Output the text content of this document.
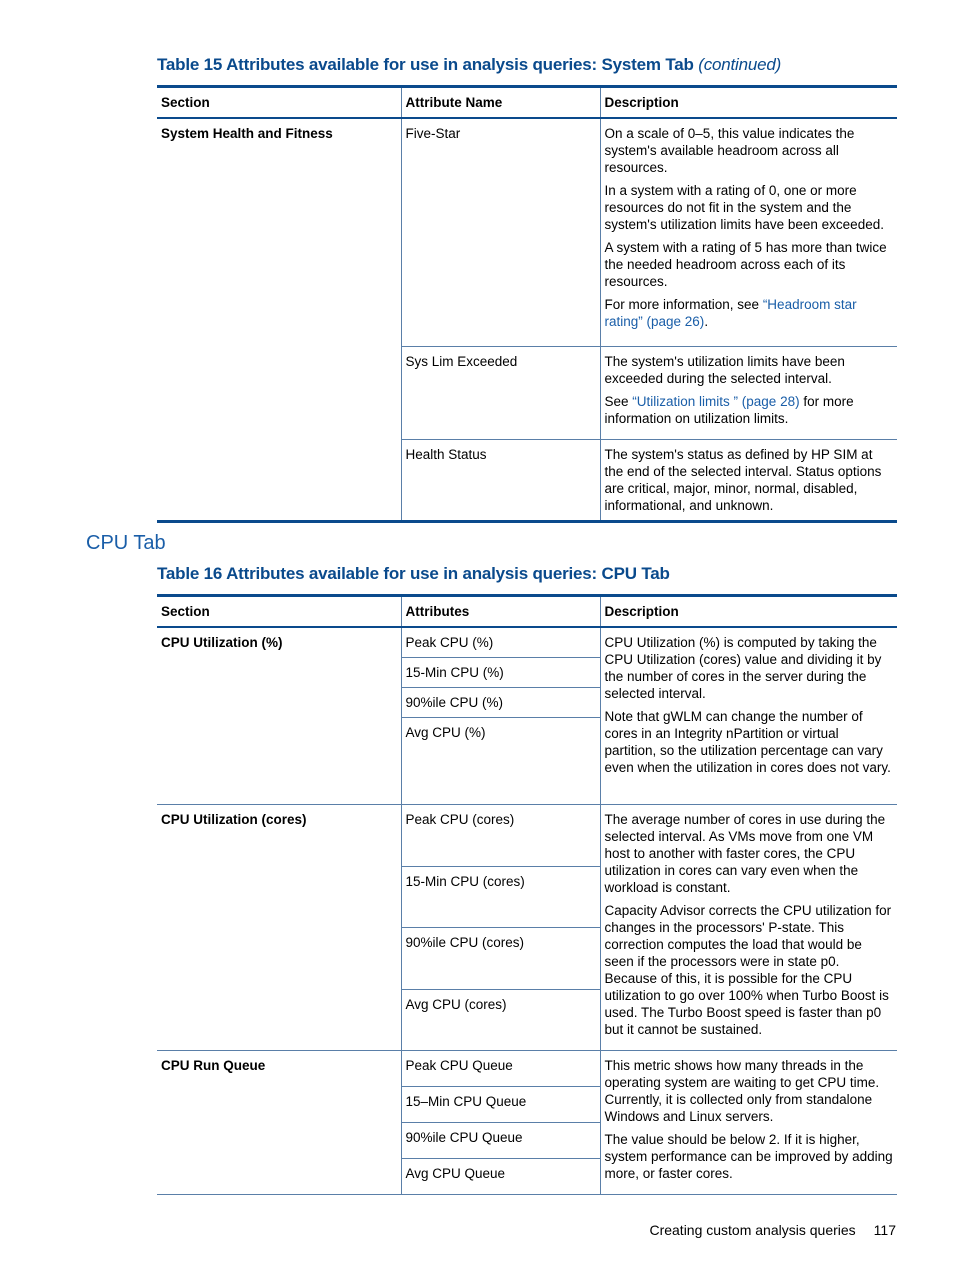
Table 15 Attributes available for use in analysis queries: System Tab (continued)
Section	Attribute Name	Description
System Health and Fitness	Five-Star	On a scale of 0–5, this value indicates the system's available headroom across all resources.

In a system with a rating of 0, one or more resources do not fit in the system and the system's utilization limits have been exceeded.

A system with a rating of 5 has more than twice the needed headroom across each of its resources.

For more information, see “Headroom star rating” (page 26).

	Sys Lim Exceeded	The system's utilization limits have been exceeded during the selected interval.

See “Utilization limits ” (page 28) for more information on utilization limits.

	Health Status	The system's status as defined by HP SIM at the end of the selected interval. Status options are critical, major, minor, normal, disabled, informational, and unknown.

CPU Tab
Table 16 Attributes available for use in analysis queries: CPU Tab
Section	Attributes	Description
CPU Utilization (%)	Peak CPU (%)	CPU Utilization (%) is computed by taking the CPU Utilization (cores) value and dividing it by the number of cores in the server during the selected interval.

Note that gWLM can change the number of cores in an Integrity nPartition or virtual partition, so the utilization percentage can vary even when the utilization in cores does not vary.

	15-Min CPU (%)	
	90%ile CPU (%)	
	Avg CPU (%)	
CPU Utilization (cores)	Peak CPU (cores)	The average number of cores in use during the selected interval. As VMs move from one VM host to another with faster cores, the CPU utilization in cores can vary even when the workload is constant.

Capacity Advisor corrects the CPU utilization for changes in the processors' P-state. This correction computes the load that would be seen if the processors were in state p0. Because of this, it is possible for the CPU utilization to go over 100% when Turbo Boost is used. The Turbo Boost speed is faster than p0 but it cannot be sustained.

	15-Min CPU (cores)	
	90%ile CPU (cores)	
	Avg CPU (cores)	
CPU Run Queue	Peak CPU Queue	This metric shows how many threads in the operating system are waiting to get CPU time. Currently, it is collected only from standalone Windows and Linux servers.

The value should be below 2. If it is higher, system performance can be improved by adding more, or faster cores.

	15–Min CPU Queue	
	90%ile CPU Queue	
	Avg CPU Queue	
Creating custom analysis queries 117
